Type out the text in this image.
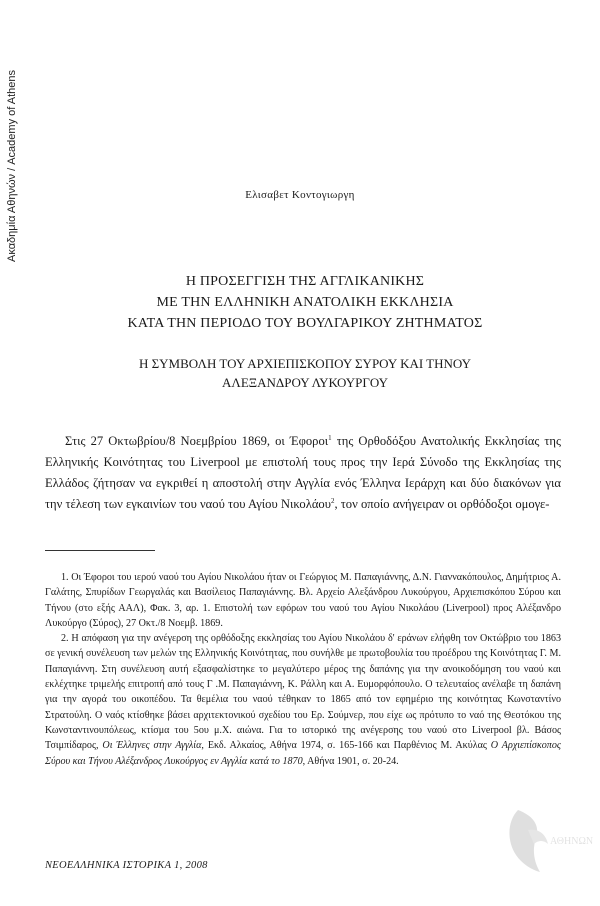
Ακαδημία Αθηνών / Academy of Athens	Ελισαβετ Κοντογιωργη
Η ΠΡΟΣΕΓΓΙΣΗ ΤΗΣ ΑΓΓΛΙΚΑΝΙΚΗΣ
ΜΕ ΤΗΝ ΕΛΛΗΝΙΚΗ ΑΝΑΤΟΛΙΚΗ ΕΚΚΛΗΣΙΑ
ΚΑΤΑ ΤΗΝ ΠΕΡΙΟΔΟ ΤΟΥ ΒΟΥΛΓΑΡΙΚΟΥ ΖΗΤΗΜΑΤΟΣ
Η ΣΥΜΒΟΛΗ ΤΟΥ ΑΡΧΙΕΠΙΣΚΟΠΟΥ ΣΥΡΟΥ ΚΑΙ ΤΗΝΟΥ
ΑΛΕΞΑΝΔΡΟΥ ΛΥΚΟΥΡΓΟΥ

Στις 27 Οκτωβρίου/8 Νοεμβρίου 1869, οι Έφοροι$^1$ της Ορθοδόξου Ανατολικής Εκκλησίας της Ελληνικής Κοινότητας του Liverpool με επιστολή τους προς την Ιερά Σύνοδο της Εκκλησίας της Ελλάδος ζήτησαν να εγκριθεί η αποστολή στην Αγγλία ενός Έλληνα Ιεράρχη και δύο διακόνων για την τέλεση των εγκαινίων του ναού του Αγίου Νικολάου$^2$, τον οποίο ανήγειραν οι ορθόδοξοι ομογε-

1. Οι Έφοροι του ιερού ναού του Αγίου Νικολάου ήταν οι Γεώργιος Μ. Παπαγιάννης, Δ.Ν. Γιαννακόπουλος, Δημήτριος Α. Γαλάτης, Σπυρίδων Γεωργαλάς και Βασίλειος Παπαγιάννης. Βλ. Αρχείο Αλεξάνδρου Λυκούργου, Αρχιεπισκόπου Σύρου και Τήνου (στο εξής ΑΑΛ), Φακ. 3, αρ. 1. Επιστολή των εφόρων του ναού του Αγίου Νικολάου (Liverpool) προς Αλέξανδρο Λυκούργο (Σύρος), 27 Οκτ./8 Νοεμβ. 1869.

2. Η απόφαση για την ανέγερση της ορθόδοξης εκκλησίας του Αγίου Νικολάου δ' εράνων ελήφθη τον Οκτώβριο του 1863 σε γενική συνέλευση των μελών της Ελληνικής Κοινότητας, που συνήλθε με πρωτοβουλία του προέδρου της Κοινότητας Γ. Μ. Παπαγιάννη. Στη συνέλευση αυτή εξασφαλίστηκε το μεγαλύτερο μέρος της δαπάνης για την ανοικοδόμηση του ναού και εκλέχτηκε τριμελής επιτροπή από τους Γ .Μ. Παπαγιάννη, Κ. Ράλλη και Α. Ευμορφόπουλο. Ο τελευταίος ανέλαβε τη δαπάνη για την αγορά του οικοπέδου. Τα θεμέλια του ναού τέθηκαν το 1865 από τον εφημέριο της κοινότητας Κωνσταντίνο Στρατούλη. Ο ναός κτίσθηκε βάσει αρχιτεκτονικού σχεδίου του Ερ. Σούμνερ, που είχε ως πρότυπο το ναό της Θεοτόκου της Κωνσταντινουπόλεως, κτίσμα του 5ου μ.Χ. αιώνα. Για το ιστορικό της ανέγερσης του ναού στο Liverpool βλ. Βάσος Τσιμπίδαρος, Οι Έλληνες στην Αγγλία, Εκδ. Αλκαίος, Αθήνα 1974, σ. 165-166 και Παρθένιος Μ. Ακύλας Ο Αρχιεπίσκοπος Σύρου και Τήνου Αλέξανδρος Λυκούργος εν Αγγλία κατά το 1870, Αθήνα 1901, σ. 20-24.

ΝΕΟΕΛΛΗΝΙΚΑ ΙΣΤΟΡΙΚΑ 1, 2008
ΑΘΗΝΩΝ
